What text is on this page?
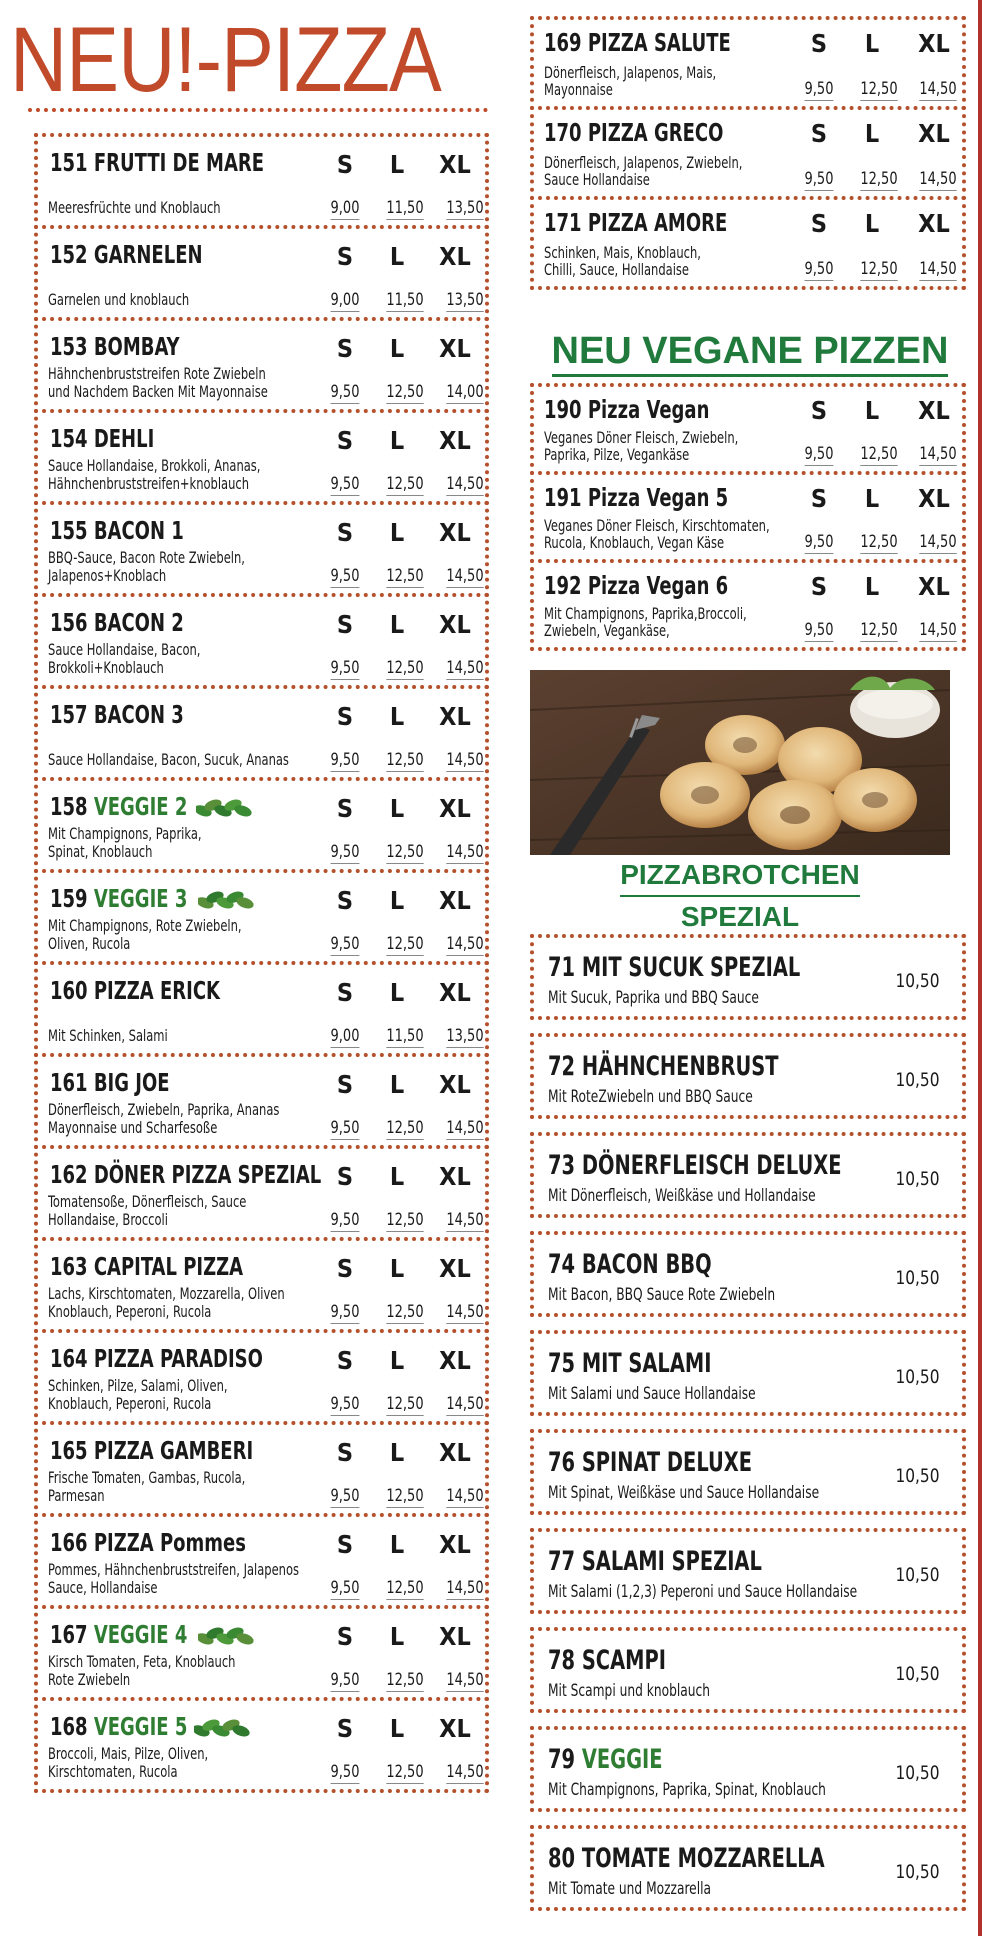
NEU!-PIZZA
151 FRUTTI DE MARE	S	L	XL

Meeresfrüchte und Knoblauch	9,00	11,50	13,50
152 GARNELEN	S	L	XL

Garnelen und knoblauch	9,00	11,50	13,50
153 BOMBAY	S	L	XL
Hähnchenbruststreifen Rote Zwiebeln
und Nachdem Backen Mit Mayonnaise	9,50	12,50	14,00
154 DEHLI	S	L	XL
Sauce Hollandaise, Brokkoli, Ananas,
Hähnchenbruststreifen+knoblauch	9,50	12,50	14,50
155 BACON 1	S	L	XL
BBQ-Sauce, Bacon Rote Zwiebeln,
Jalapenos+Knoblach	9,50	12,50	14,50
156 BACON 2	S	L	XL
Sauce Hollandaise, Bacon,
Brokkoli+Knoblauch	9,50	12,50	14,50
157 BACON 3	S	L	XL

Sauce Hollandaise, Bacon, Sucuk, Ananas	9,50	12,50	14,50
158 VEGGIE 2	S	L	XL
Mit Champignons, Paprika,
Spinat, Knoblauch	9,50	12,50	14,50
159 VEGGIE 3	S	L	XL
Mit Champignons, Rote Zwiebeln,
Oliven, Rucola	9,50	12,50	14,50
160 PIZZA ERICK	S	L	XL

Mit Schinken, Salami	9,00	11,50	13,50
161 BIG JOE	S	L	XL
Dönerfleisch, Zwiebeln, Paprika, Ananas
Mayonnaise und Scharfesoße	9,50	12,50	14,50
162 DÖNER PIZZA SPEZIAL S	L	XL
Tomatensoße, Dönerfleisch, Sauce
Hollandaise, Broccoli	9,50	12,50	14,50
163 CAPITAL PIZZA	S	L	XL
Lachs, Kirschtomaten, Mozzarella, Oliven
Knoblauch, Peperoni, Rucola	9,50	12,50	14,50
164 PIZZA PARADISO	S	L	XL
Schinken, Pilze, Salami, Oliven,
Knoblauch, Peperoni, Rucola	9,50	12,50	14,50
165 PIZZA GAMBERI	S	L	XL
Frische Tomaten, Gambas, Rucola,
Parmesan	9,50	12,50	14,50
166 PIZZA Pommes	S	L	XL
Pommes, Hähnchenbruststreifen, Jalapenos
Sauce, Hollandaise	9,50	12,50	14,50
167 VEGGIE 4	S	L	XL
Kirsch Tomaten, Feta, Knoblauch
Rote Zwiebeln	9,50	12,50	14,50
168 VEGGIE 5	S	L	XL
Broccoli, Mais, Pilze, Oliven,
Kirschtomaten, Rucola	9,50	12,50	14,50
169 PIZZA SALUTE	S	L	XL
Dönerfleisch, Jalapenos, Mais,
Mayonnaise	9,50	12,50	14,50
170 PIZZA GRECO	S	L	XL
Dönerfleisch, Jalapenos, Zwiebeln,
Sauce Hollandaise	9,50	12,50	14,50
171 PIZZA AMORE	S	L	XL
Schinken, Mais, Knoblauch,
Chilli, Sauce, Hollandaise	9,50	12,50	14,50
NEU VEGANE PIZZEN
190 Pizza Vegan	S	L	XL
Veganes Döner Fleisch, Zwiebeln,
Paprika, Pilze, Vegankäse	9,50	12,50	14,50
191 Pizza Vegan 5	S	L	XL
Veganes Döner Fleisch, Kirschtomaten,
Rucola, Knoblauch, Vegan Käse	9,50	12,50	14,50
192 Pizza Vegan 6	S	L	XL
Mit Champignons, Paprika,Broccoli,
Zwiebeln, Vegankäse,	9,50	12,50	14,50
PIZZABROTCHEN
SPEZIAL
71 MIT SUCUK SPEZIAL
Mit Sucuk, Paprika und BBQ Sauce
10,50
72 HÄHNCHENBRUST
Mit RoteZwiebeln und BBQ Sauce
10,50
73 DÖNERFLEISCH DELUXE
Mit Dönerfleisch, Weißkäse und Hollandaise
10,50
74 BACON BBQ
Mit Bacon, BBQ Sauce Rote Zwiebeln
10,50
75 MIT SALAMI
Mit Salami und Sauce Hollandaise
10,50
76 SPINAT DELUXE
Mit Spinat, Weißkäse und Sauce Hollandaise
10,50
77 SALAMI SPEZIAL
Mit Salami (1,2,3) Peperoni und Sauce Hollandaise
10,50
78 SCAMPI
Mit Scampi und knoblauch
10,50
79 VEGGIE
Mit Champignons, Paprika, Spinat, Knoblauch
10,50
80 TOMATE MOZZARELLA
Mit Tomate und Mozzarella
10,50
